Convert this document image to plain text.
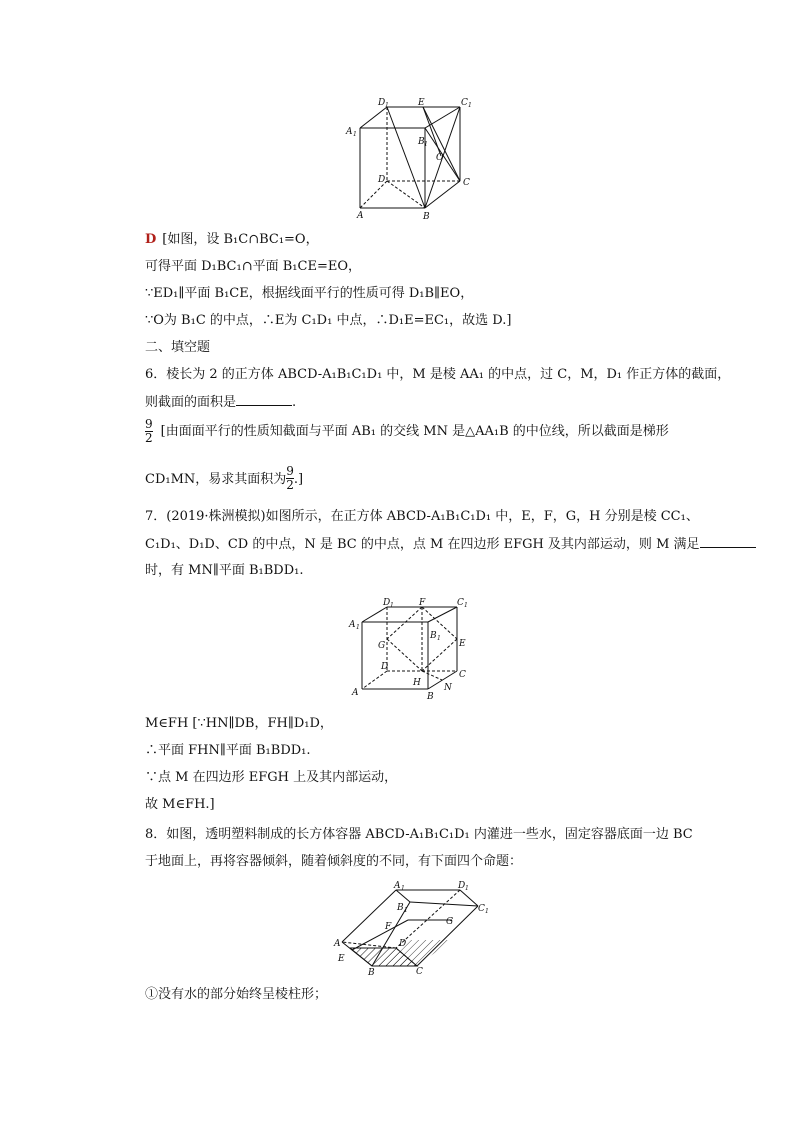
D 1	E	C 1
A 1
B 1
O
D	C
A	B
D [如图，设 B₁C∩BC₁=O，
可得平面 D₁BC₁∩平面 B₁CE=EO，
∵ED₁∥平面 B₁CE，根据线面平行的性质可得 D₁B∥EO，
∵O为 B₁C 的中点，∴E为 C₁D₁ 中点，∴D₁E=EC₁，故选 D.]
二、填空题
6．棱长为 2 的正方体 ABCD-A₁B₁C₁D₁ 中，M 是棱 AA₁ 的中点，过 C，M，D₁ 作正方体的截面，
则截面的面积是	.
$\frac{9}{2}$ [由面面平行的性质知截面与平面 AB₁ 的交线 MN 是△AA₁B 的中位线，所以截面是梯形
CD₁MN，易求其面积为 $\frac{9}{2}$ .]
7．(2019·株洲模拟)如图所示，在正方体 ABCD-A₁B₁C₁D₁ 中，E，F，G，H 分别是棱 CC₁、
C₁D₁、D₁D、CD 的中点，N 是 BC 的中点，点 M 在四边形 EFGH 及其内部运动，则 M 满足
时，有 MN∥平面 B₁BDD₁.
D 1	F	C 1
A 1
B 1
G	E
D
C
H	N
A	B
M∈FH [∵HN∥DB，FH∥D₁D，
∴平面 FHN∥平面 B₁BDD₁.
∵点 M 在四边形 EFGH 上及其内部运动，
故 M∈FH.]
8．如图，透明塑料制成的长方体容器 ABCD-A₁B₁C₁D₁ 内灌进一些水，固定容器底面一边 BC
于地面上，再将容器倾斜，随着倾斜度的不同，有下面四个命题：
A 1	D 1
B 1	C 1
F	G
D
A
E
B	C
①没有水的部分始终呈棱柱形；
